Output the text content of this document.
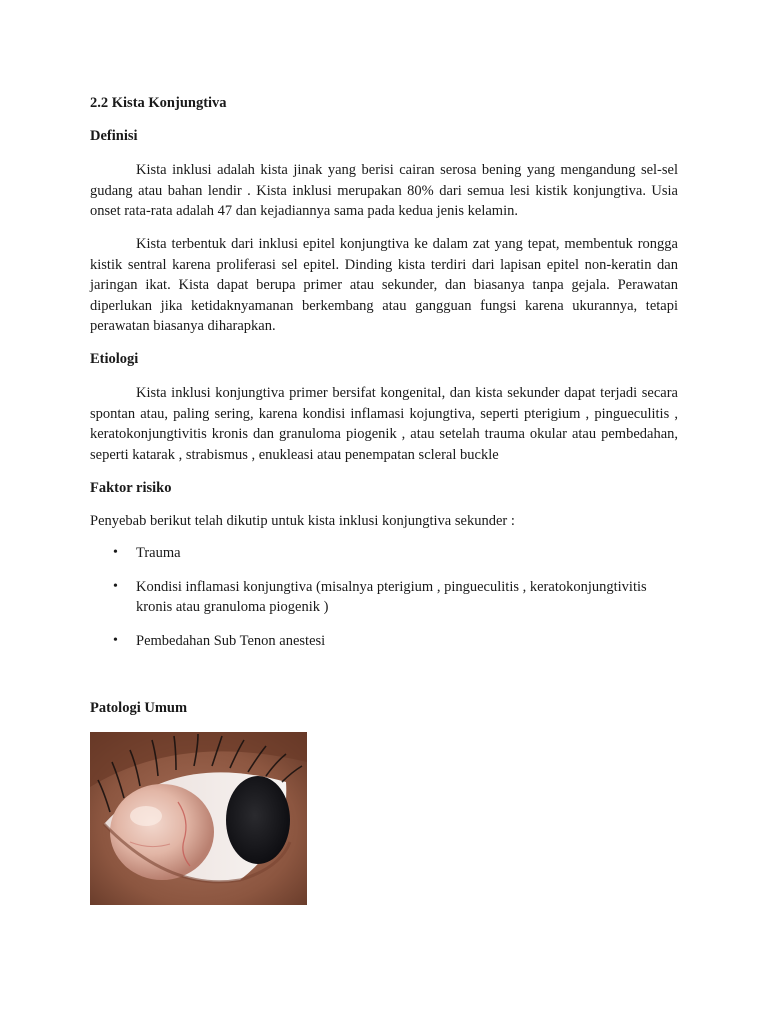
2.2 Kista Konjungtiva
Definisi
Kista inklusi adalah kista jinak yang berisi cairan serosa bening yang mengandung sel-sel gudang atau bahan lendir . Kista inklusi merupakan 80% dari semua lesi kistik konjungtiva. Usia onset rata-rata adalah 47 dan kejadiannya sama pada kedua jenis kelamin.
Kista terbentuk dari inklusi epitel konjungtiva ke dalam zat yang tepat, membentuk rongga kistik sentral karena proliferasi sel epitel. Dinding kista terdiri dari lapisan epitel non-keratin dan jaringan ikat. Kista dapat berupa primer atau sekunder, dan biasanya tanpa gejala. Perawatan diperlukan jika ketidaknyamanan berkembang atau gangguan fungsi karena ukurannya, tetapi perawatan biasanya diharapkan.
Etiologi
Kista inklusi konjungtiva primer bersifat kongenital, dan kista sekunder dapat terjadi secara spontan atau, paling sering, karena kondisi inflamasi kojungtiva, seperti pterigium , pingueculitis , keratokonjungtivitis kronis dan granuloma piogenik , atau setelah trauma okular atau pembedahan, seperti katarak , strabismus , enukleasi atau penempatan scleral buckle
Faktor risiko
Penyebab berikut telah dikutip untuk kista inklusi konjungtiva sekunder :
• Trauma
• Kondisi inflamasi konjungtiva (misalnya pterigium , pingueculitis , keratokonjungtivitis kronis atau granuloma piogenik )
• Pembedahan Sub Tenon anestesi
Patologi Umum
